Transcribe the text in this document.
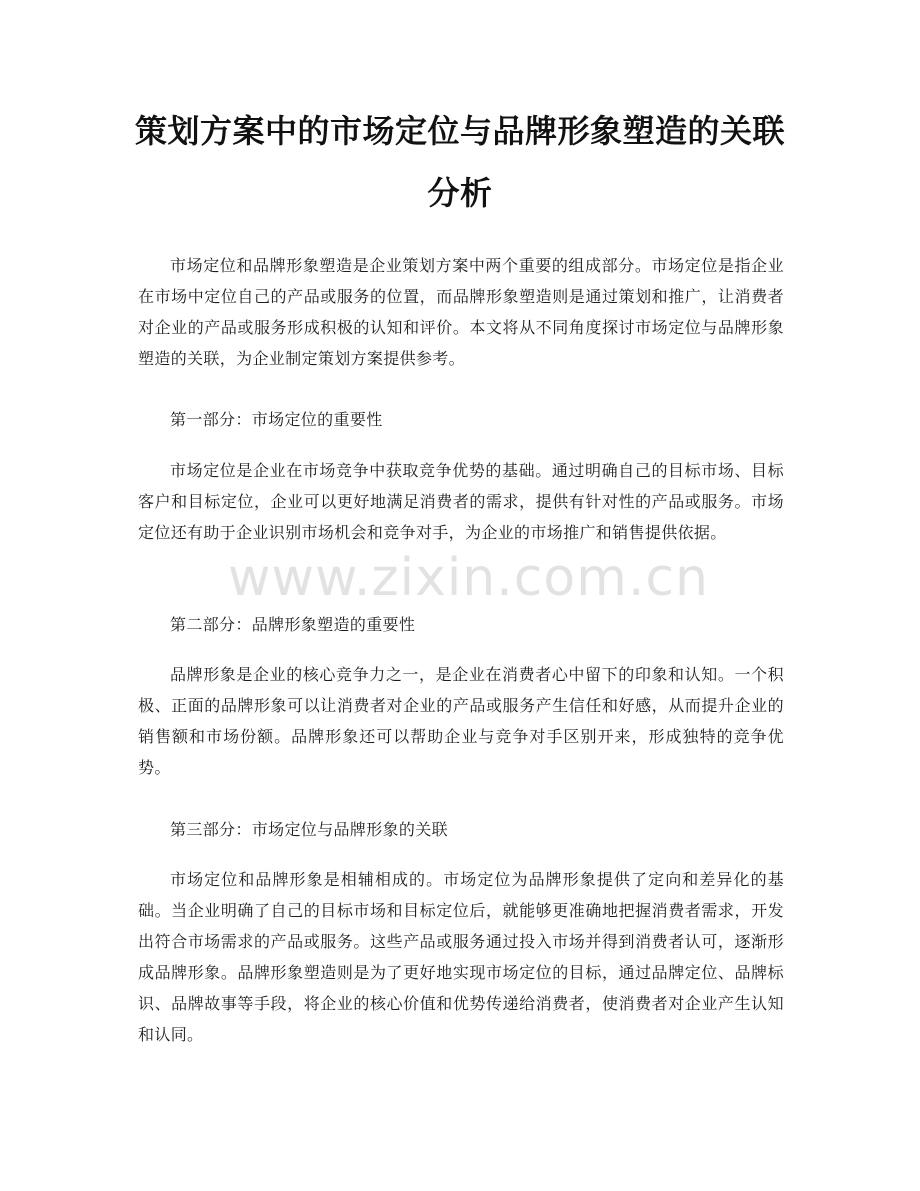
策划方案中的市场定位与品牌形象塑造的关联分析

市场定位和品牌形象塑造是企业策划方案中两个重要的组成部分。市场定位是指企业在市场中定位自己的产品或服务的位置，而品牌形象塑造则是通过策划和推广，让消费者对企业的产品或服务形成积极的认知和评价。本文将从不同角度探讨市场定位与品牌形象塑造的关联，为企业制定策划方案提供参考。

第一部分：市场定位的重要性

市场定位是企业在市场竞争中获取竞争优势的基础。通过明确自己的目标市场、目标客户和目标定位，企业可以更好地满足消费者的需求，提供有针对性的产品或服务。市场定位还有助于企业识别市场机会和竞争对手，为企业的市场推广和销售提供依据。

第二部分：品牌形象塑造的重要性

品牌形象是企业的核心竞争力之一，是企业在消费者心中留下的印象和认知。一个积极、正面的品牌形象可以让消费者对企业的产品或服务产生信任和好感，从而提升企业的销售额和市场份额。品牌形象还可以帮助企业与竞争对手区别开来，形成独特的竞争优势。

第三部分：市场定位与品牌形象的关联

市场定位和品牌形象是相辅相成的。市场定位为品牌形象提供了定向和差异化的基础。当企业明确了自己的目标市场和目标定位后，就能够更准确地把握消费者需求，开发出符合市场需求的产品或服务。这些产品或服务通过投入市场并得到消费者认可，逐渐形成品牌形象。品牌形象塑造则是为了更好地实现市场定位的目标，通过品牌定位、品牌标识、品牌故事等手段，将企业的核心价值和优势传递给消费者，使消费者对企业产生认知和认同。

www.zixin.com.cn
